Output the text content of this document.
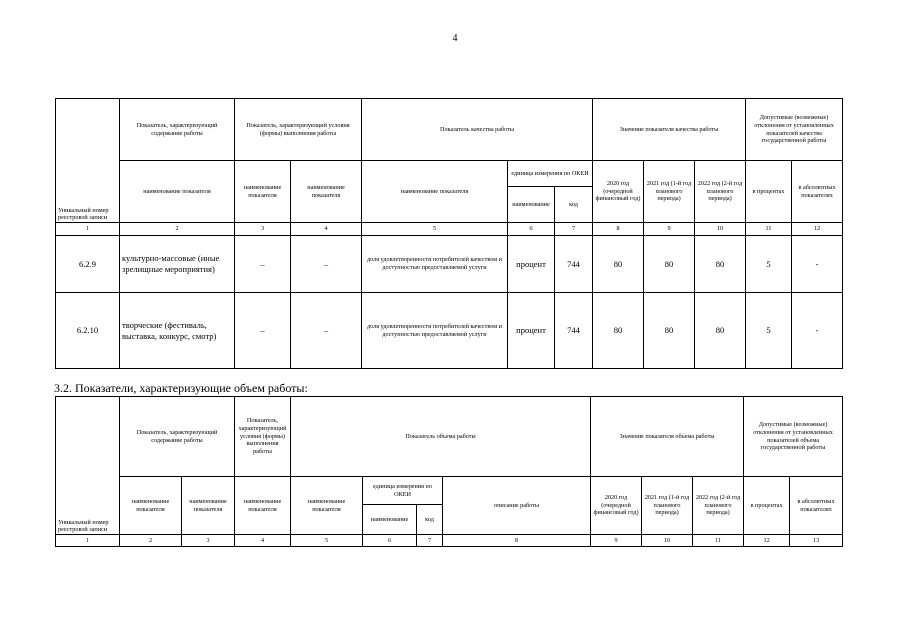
4
Уникальный номер реестровой записи	Показатель, характеризующий содержание работы	Показатель, характеризующий условия (формы) выполнения работы		Показатель качества работы			Значение показателя качества работы			Допустимые (возможные) отклонения от установленных показателей качества государственной работы	
	наименование показателя	наименование показателя	наименование показателя	наименование показателя	единица измерения по ОКЕИ		2020 год (очередной финансовый год)	2021 год (1-й год планового периода)	2022 год (2-й год планового периода)	в процентах	в абсолютных показателях
					наименование	код					
1	2	3	4	5	6	7	8	9	10	11	12
6.2.9	культурно-массовые (иные зрелищные мероприятия)	–	–	доля удовлетворенности потребителей качеством и доступностью предоставляемой услуги	процент	744	80	80	80	5	-
6.2.10	творческие (фестиваль, выставка, конкурс, смотр)	–	–	доля удовлетворенности потребителей качеством и доступностью предоставляемой услуги	процент	744	80	80	80	5	-
3.2. Показатели, характеризующие объем работы:
Уникальный номер реестровой записи	Показатель, характеризующий содержание работы		Показатель, характеризующий условия (формы) выполнения работы	Показатель объема работы				Значение показателя объема работы			Допустимые (возможные) отклонения от установленных показателей объема государственной работы	
	наименование показателя	наименование показателя	наименование показателя	наименование показателя	единица измерения по ОКЕИ		описание работы	2020 год (очередной финансовый год)	2021 год (1-й год планового периода)	2022 год (2-й год планового периода)	в процентах	в абсолютных показателях
					наименование	код						
1	2	3	4	5	6	7	8	9	10	11	12	13
